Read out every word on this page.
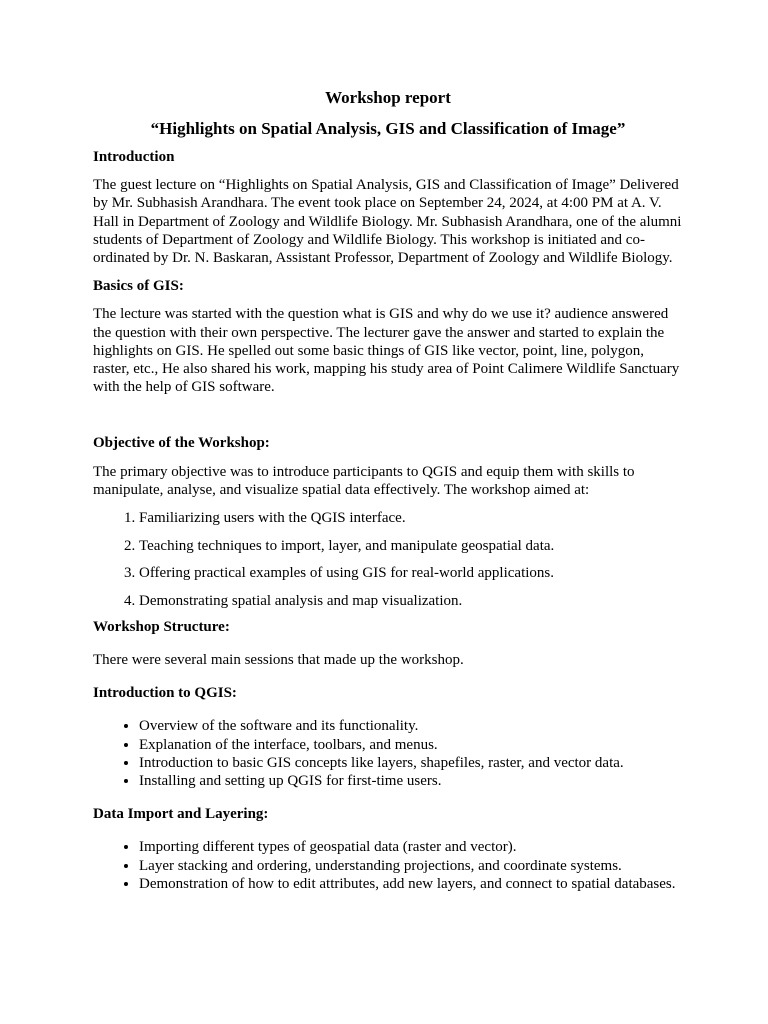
Workshop report
“Highlights on Spatial Analysis, GIS and Classification of Image”
Introduction

The guest lecture on “Highlights on Spatial Analysis, GIS and Classification of Image” Delivered by Mr. Subhasish Arandhara. The event took place on September 24, 2024, at 4:00 PM at A. V. Hall in Department of Zoology and Wildlife Biology. Mr. Subhasish Arandhara, one of the alumni students of Department of Zoology and Wildlife Biology. This workshop is initiated and co-ordinated by Dr. N. Baskaran, Assistant Professor, Department of Zoology and Wildlife Biology.

Basics of GIS:

The lecture was started with the question what is GIS and why do we use it? audience answered the question with their own perspective. The lecturer gave the answer and started to explain the highlights on GIS. He spelled out some basic things of GIS like vector, point, line, polygon, raster, etc., He also shared his work, mapping his study area of Point Calimere Wildlife Sanctuary with the help of GIS software.

Objective of the Workshop:

The primary objective was to introduce participants to QGIS and equip them with skills to manipulate, analyse, and visualize spatial data effectively. The workshop aimed at:

1. Familiarizing users with the QGIS interface.
2. Teaching techniques to import, layer, and manipulate geospatial data.
3. Offering practical examples of using GIS for real-world applications.
4. Demonstrating spatial analysis and map visualization.
Workshop Structure:

There were several main sessions that made up the workshop.

Introduction to QGIS:
• Overview of the software and its functionality.
• Explanation of the interface, toolbars, and menus.
• Introduction to basic GIS concepts like layers, shapefiles, raster, and vector data.
• Installing and setting up QGIS for first-time users.
Data Import and Layering:
• Importing different types of geospatial data (raster and vector).
• Layer stacking and ordering, understanding projections, and coordinate systems.
• Demonstration of how to edit attributes, add new layers, and connect to spatial databases.
